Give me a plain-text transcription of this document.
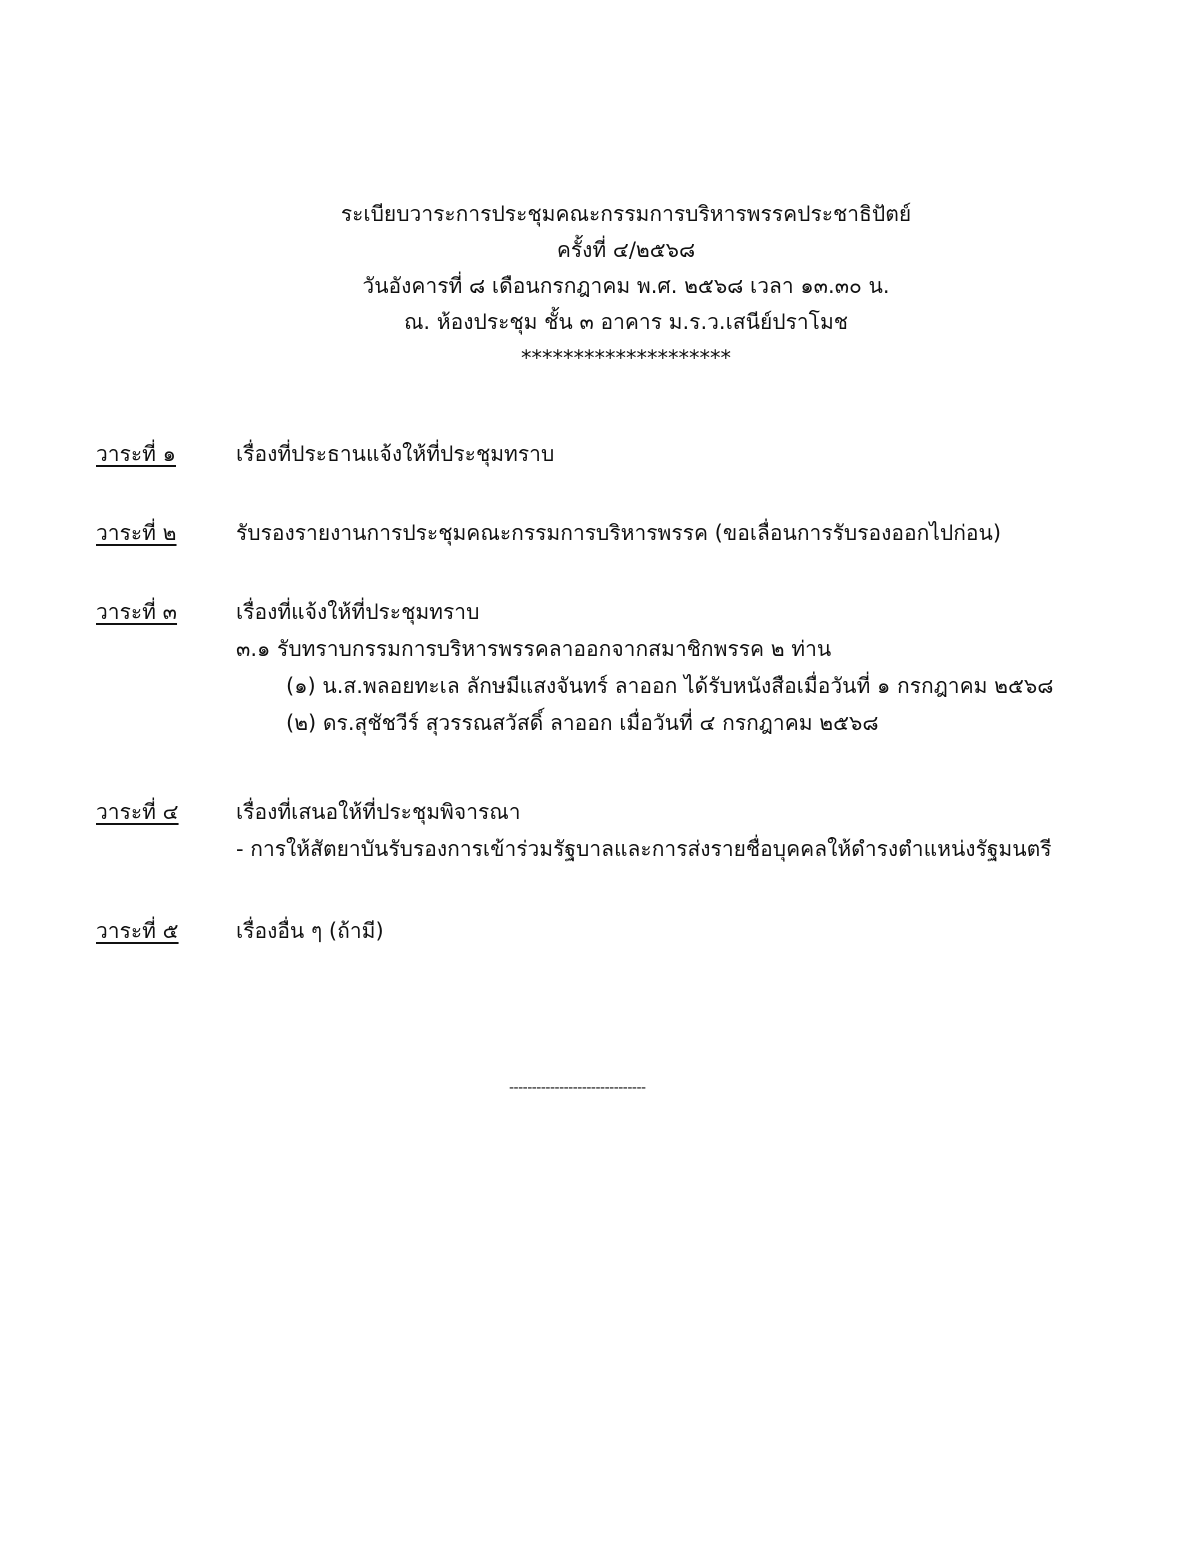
ระเบียบวาระการประชุมคณะกรรมการบริหารพรรคประชาธิปัตย์
ครั้งที่ ๔/๒๕๖๘
วันอังคารที่ ๘ เดือนกรกฎาคม พ.ศ. ๒๕๖๘ เวลา ๑๓.๓๐ น.
ณ. ห้องประชุม ชั้น ๓ อาคาร ม.ร.ว.เสนีย์ปราโมช
********************
วาระที่ ๑	เรื่องที่ประธานแจ้งให้ที่ประชุมทราบ
วาระที่ ๒	รับรองรายงานการประชุมคณะกรรมการบริหารพรรค (ขอเลื่อนการรับรองออกไปก่อน)
วาระที่ ๓	เรื่องที่แจ้งให้ที่ประชุมทราบ
๓.๑ รับทราบกรรมการบริหารพรรคลาออกจากสมาชิกพรรค ๒ ท่าน
(๑) น.ส.พลอยทะเล ลักษมีแสงจันทร์ ลาออก ได้รับหนังสือเมื่อวันที่ ๑ กรกฎาคม ๒๕๖๘
(๒) ดร.สุชัชวีร์ สุวรรณสวัสดิ์ ลาออก เมื่อวันที่ ๔ กรกฎาคม ๒๕๖๘
วาระที่ ๔	เรื่องที่เสนอให้ที่ประชุมพิจารณา
- การให้สัตยาบันรับรองการเข้าร่วมรัฐบาลและการส่งรายชื่อบุคคลให้ดำรงตำแหน่งรัฐมนตรี
วาระที่ ๕	เรื่องอื่น ๆ (ถ้ามี)
------------------------------
